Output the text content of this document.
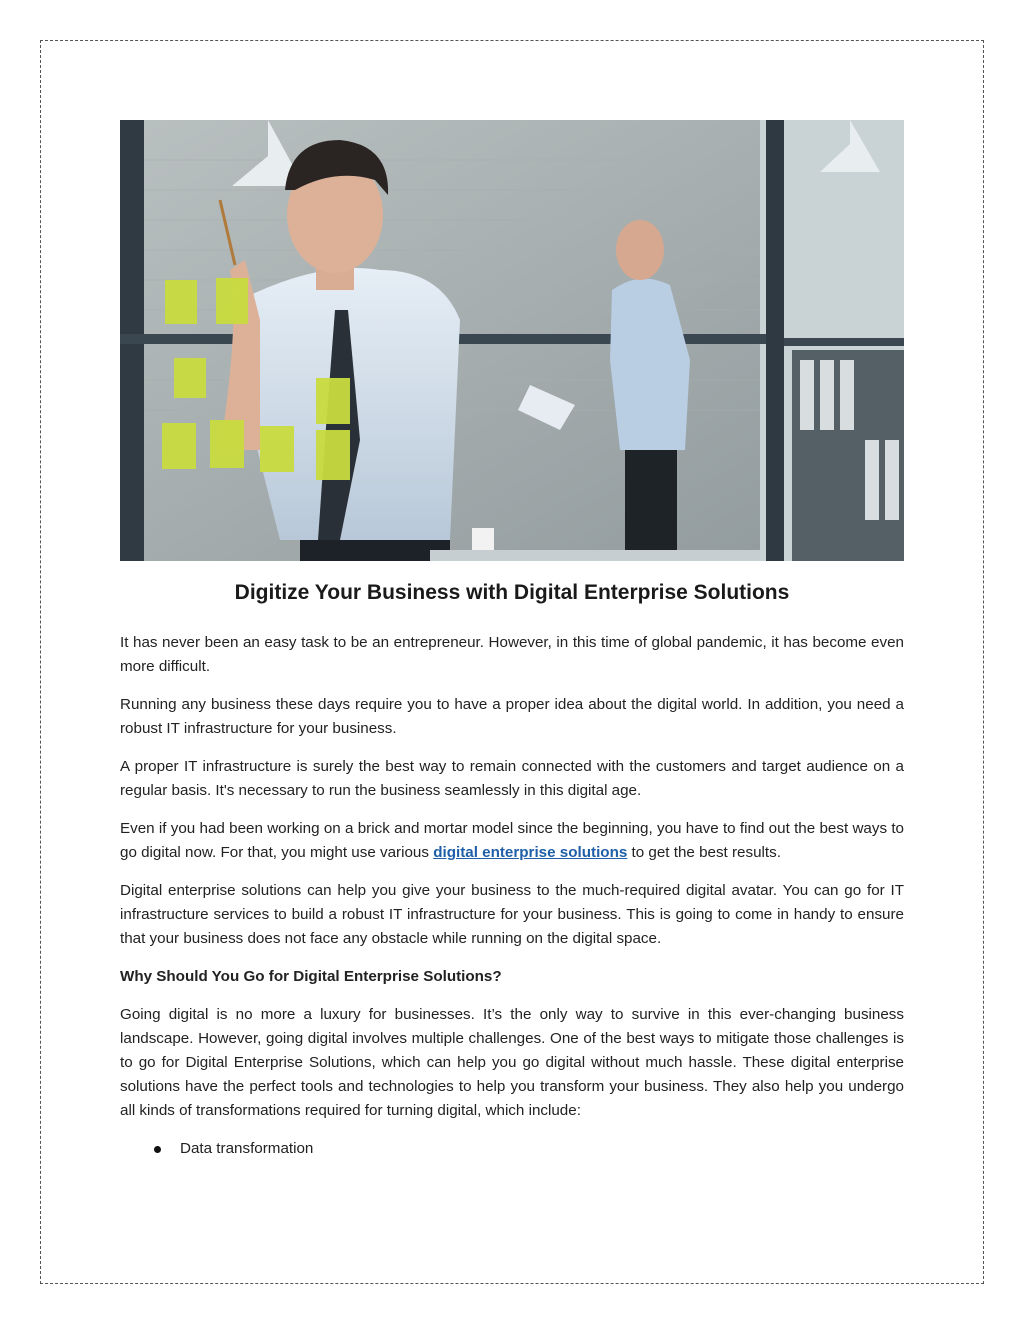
Digitize Your Business with Digital Enterprise Solutions

It has never been an easy task to be an entrepreneur. However, in this time of global pandemic, it has become even more difficult.

Running any business these days require you to have a proper idea about the digital world. In addition, you need a robust IT infrastructure for your business.

A proper IT infrastructure is surely the best way to remain connected with the customers and target audience on a regular basis. It's necessary to run the business seamlessly in this digital age.

Even if you had been working on a brick and mortar model since the beginning, you have to find out the best ways to go digital now. For that, you might use various digital enterprise solutions to get the best results.

Digital enterprise solutions can help you give your business to the much-required digital avatar. You can go for IT infrastructure services to build a robust IT infrastructure for your business. This is going to come in handy to ensure that your business does not face any obstacle while running on the digital space.

Why Should You Go for Digital Enterprise Solutions?

Going digital is no more a luxury for businesses. It’s the only way to survive in this ever-changing business landscape. However, going digital involves multiple challenges. One of the best ways to mitigate those challenges is to go for Digital Enterprise Solutions, which can help you go digital without much hassle. These digital enterprise solutions have the perfect tools and technologies to help you transform your business. They also help you undergo all kinds of transformations required for turning digital, which include:

Data transformation
